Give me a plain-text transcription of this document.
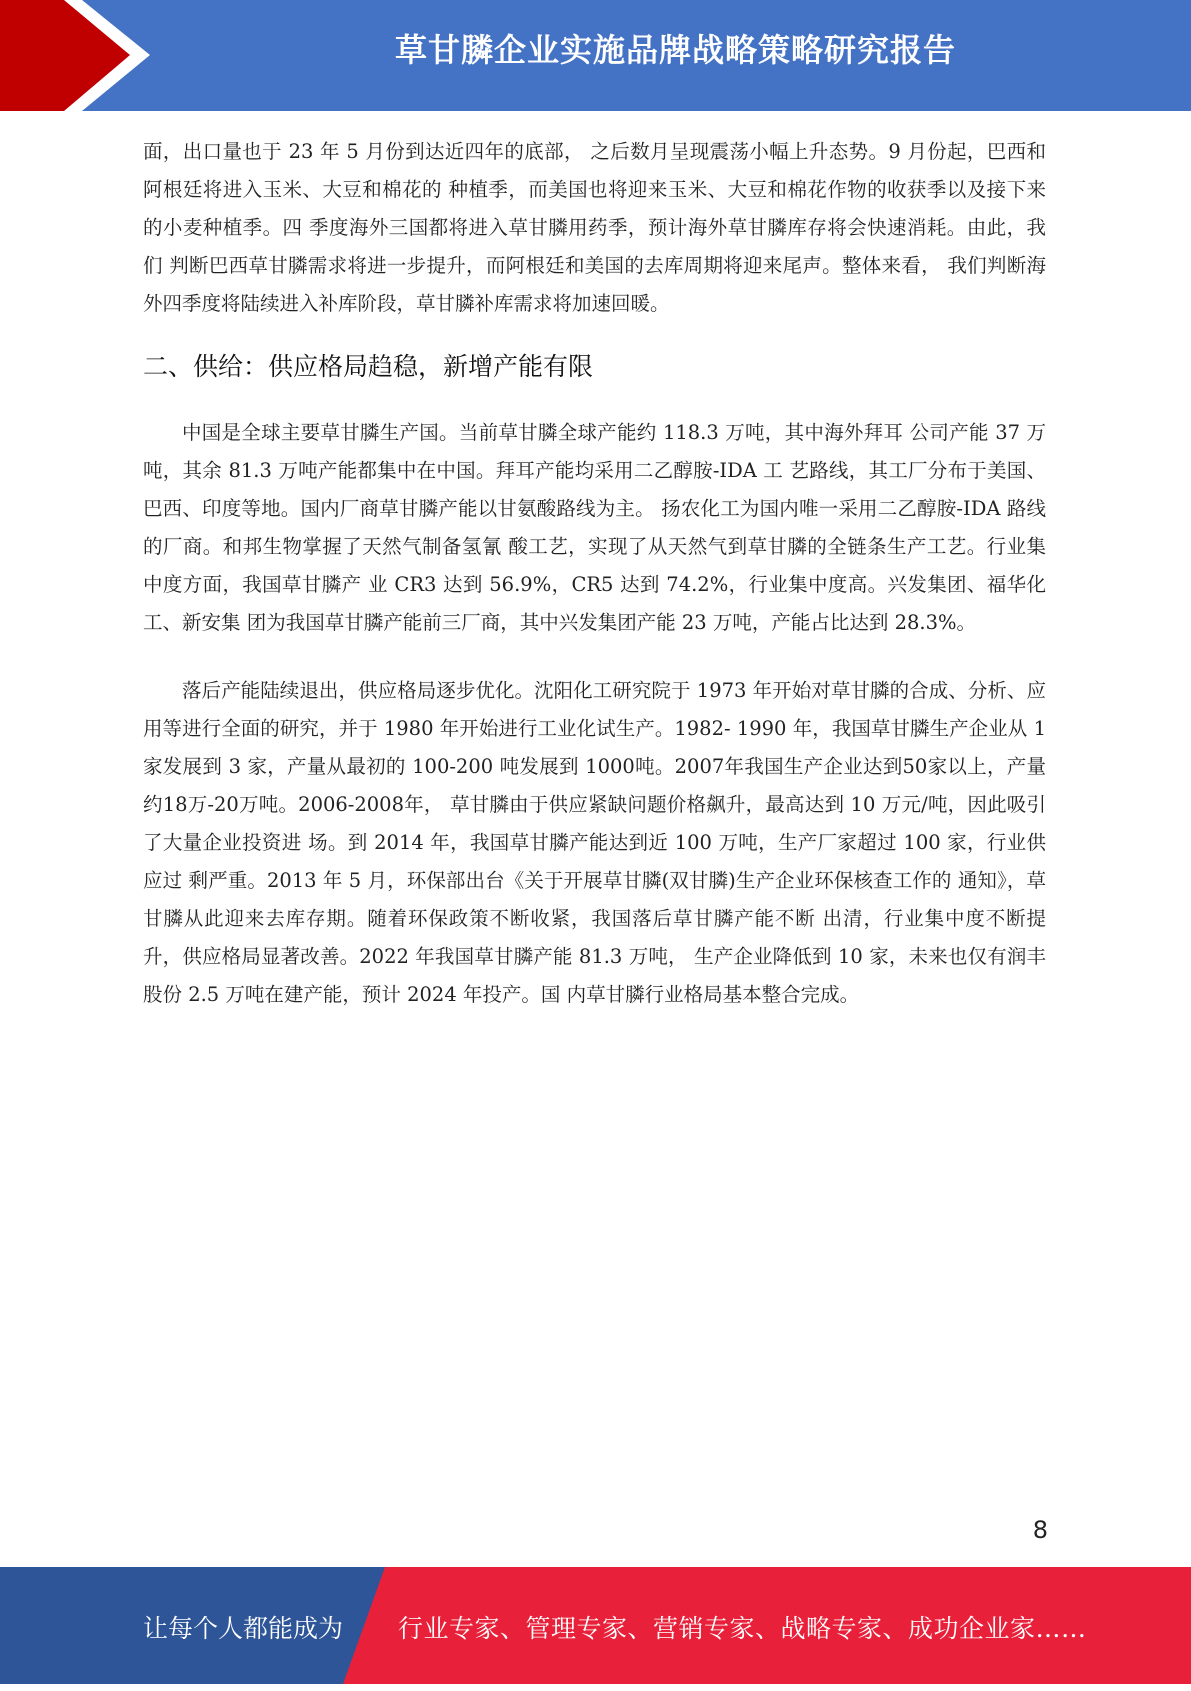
草甘膦企业实施品牌战略策略研究报告

面，出口量也于 23 年 5 月份到达近四年的底部， 之后数月呈现震荡小幅上升态势。9 月份起，巴西和阿根廷将进入玉米、大豆和棉花的 种植季，而美国也将迎来玉米、大豆和棉花作物的收获季以及接下来的小麦种植季。四 季度海外三国都将进入草甘膦用药季，预计海外草甘膦库存将会快速消耗。由此，我们 判断巴西草甘膦需求将进一步提升，而阿根廷和美国的去库周期将迎来尾声。整体来看， 我们判断海外四季度将陆续进入补库阶段，草甘膦补库需求将加速回暖。

二、供给：供应格局趋稳，新增产能有限

中国是全球主要草甘膦生产国。当前草甘膦全球产能约 118.3 万吨，其中海外拜耳 公司产能 37 万吨，其余 81.3 万吨产能都集中在中国。拜耳产能均采用二乙醇胺-IDA 工 艺路线，其工厂分布于美国、巴西、印度等地。国内厂商草甘膦产能以甘氨酸路线为主。 扬农化工为国内唯一采用二乙醇胺-IDA 路线的厂商。和邦生物掌握了天然气制备氢氰 酸工艺，实现了从天然气到草甘膦的全链条生产工艺。行业集中度方面，我国草甘膦产 业 CR3 达到 56.9%，CR5 达到 74.2%，行业集中度高。兴发集团、福华化工、新安集 团为我国草甘膦产能前三厂商，其中兴发集团产能 23 万吨，产能占比达到 28.3%。

落后产能陆续退出，供应格局逐步优化。沈阳化工研究院于 1973 年开始对草甘膦的合成、分析、应用等进行全面的研究，并于 1980 年开始进行工业化试生产。1982- 1990 年，我国草甘膦生产企业从 1 家发展到 3 家，产量从最初的 100-200 吨发展到 1000吨。2007年我国生产企业达到50家以上，产量约18万-20万吨。2006-2008年， 草甘膦由于供应紧缺问题价格飙升，最高达到 10 万元/吨，因此吸引了大量企业投资进 场。到 2014 年，我国草甘膦产能达到近 100 万吨，生产厂家超过 100 家，行业供应过 剩严重。2013 年 5 月，环保部出台《关于开展草甘膦(双甘膦)生产企业环保核查工作的 通知》，草甘膦从此迎来去库存期。随着环保政策不断收紧，我国落后草甘膦产能不断 出清，行业集中度不断提升，供应格局显著改善。2022 年我国草甘膦产能 81.3 万吨， 生产企业降低到 10 家，未来也仅有润丰股份 2.5 万吨在建产能，预计 2024 年投产。国 内草甘膦行业格局基本整合完成。

8
让每个人都能成为 行业专家、管理专家、营销专家、战略专家、成功企业家……
